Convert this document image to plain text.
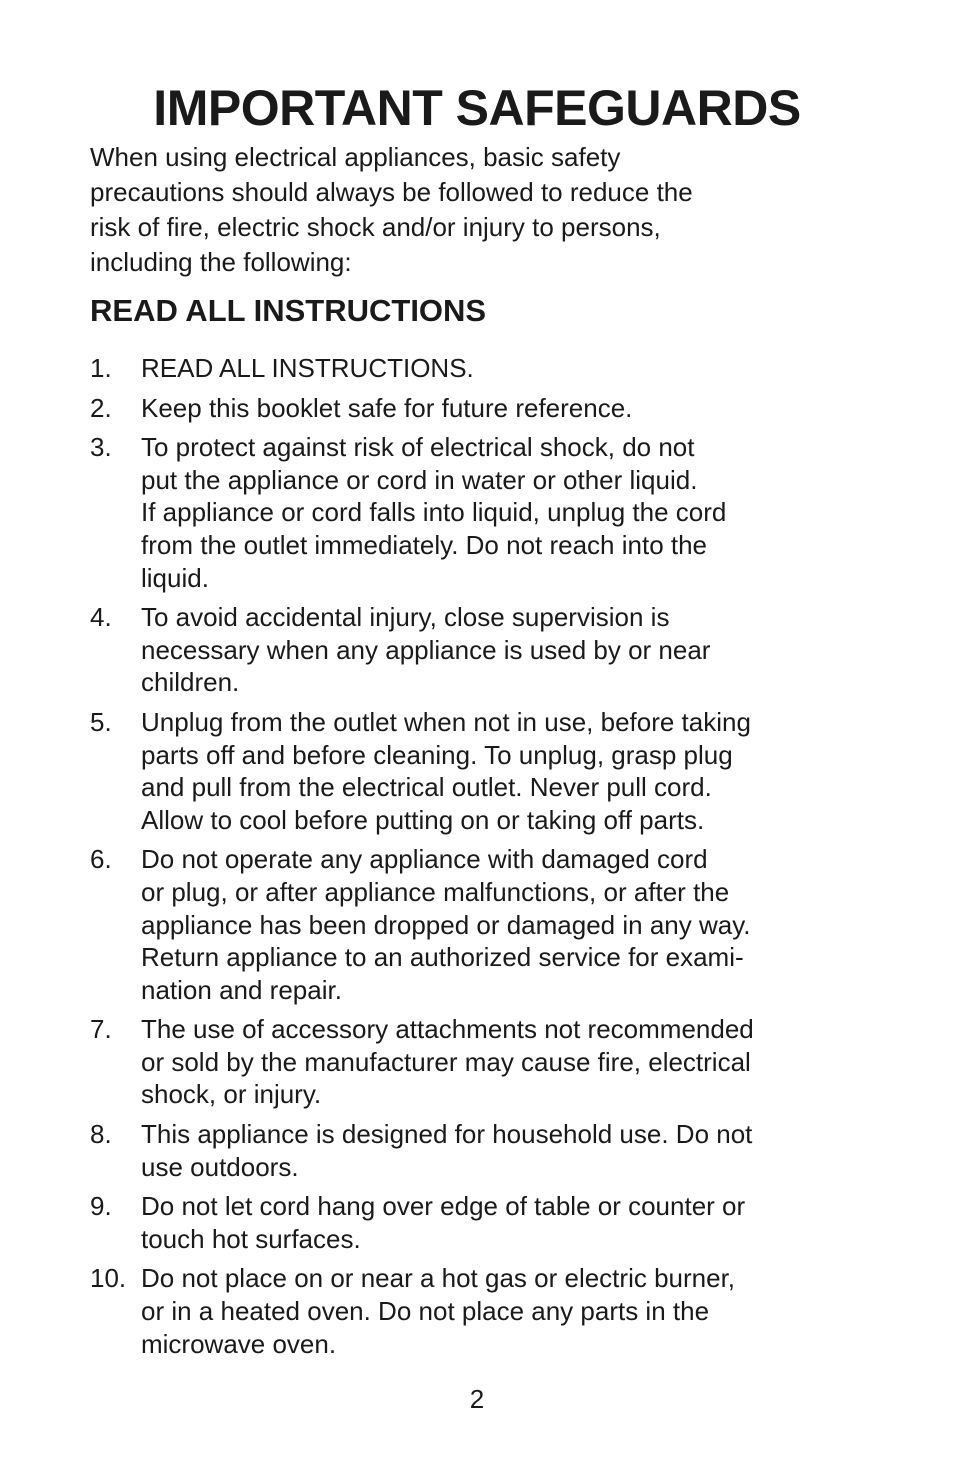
IMPORTANT SAFEGUARDS

When using electrical appliances, basic safety
precautions should always be followed to reduce the
risk of fire, electric shock and/or injury to persons,
including the following:

READ ALL INSTRUCTIONS
1.	READ ALL INSTRUCTIONS.
2.	Keep this booklet safe for future reference.
3.	To protect against risk of electrical shock, do not
put the appliance or cord in water or other liquid.
If appliance or cord falls into liquid, unplug the cord
from the outlet immediately. Do not reach into the
liquid.
4.	To avoid accidental injury, close supervision is
necessary when any appliance is used by or near
children.
5.	Unplug from the outlet when not in use, before taking
parts off and before cleaning. To unplug, grasp plug
and pull from the electrical outlet. Never pull cord.
Allow to cool before putting on or taking off parts.
6.	Do not operate any appliance with damaged cord
or plug, or after appliance malfunctions, or after the
appliance has been dropped or damaged in any way.
Return appliance to an authorized service for exami-
nation and repair.
7.	The use of accessory attachments not recommended
or sold by the manufacturer may cause fire, electrical
shock, or injury.
8.	This appliance is designed for household use. Do not
use outdoors.
9.	Do not let cord hang over edge of table or counter or
touch hot surfaces.
10. Do not place on or near a hot gas or electric burner,
or in a heated oven. Do not place any parts in the
microwave oven.
2
